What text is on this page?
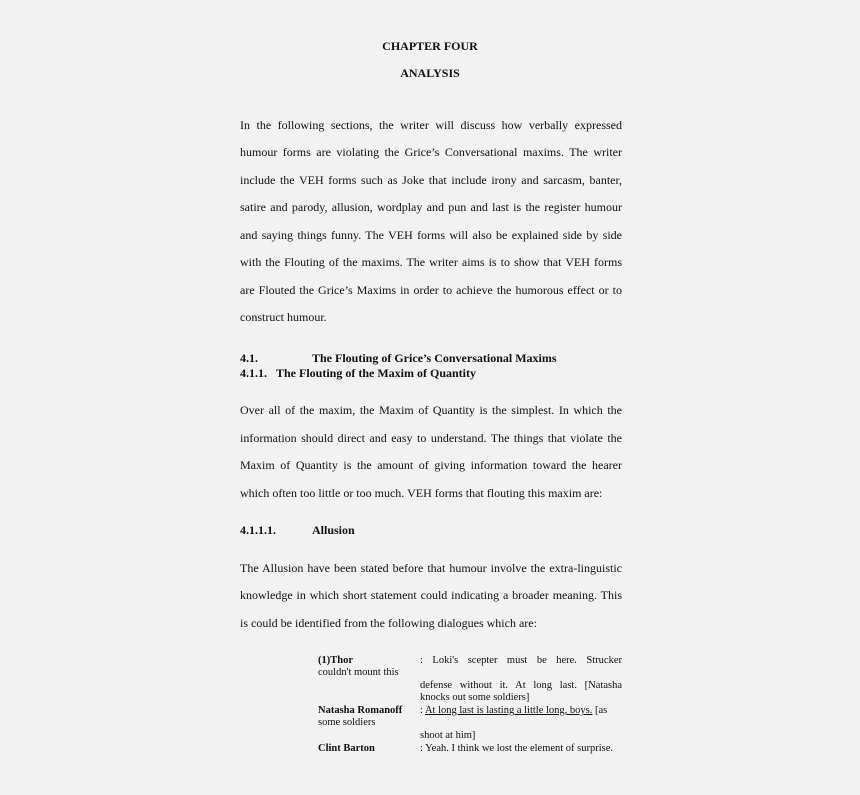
CHAPTER FOUR
ANALYSIS
In the following sections, the writer will discuss how verbally expressed
humour forms are violating the Grice’s Conversational maxims. The writer
include the VEH forms such as Joke that include irony and sarcasm, banter,
satire and parody, allusion, wordplay and pun and last is the register humour
and saying things funny. The VEH forms will also be explained side by side
with the Flouting of the maxims. The writer aims is to show that VEH forms
are Flouted the Grice’s Maxims in order to achieve the humorous effect or to
construct humour.
4.1.	The Flouting of Grice’s Conversational Maxims
4.1.1. The Flouting of the Maxim of Quantity
Over all of the maxim, the Maxim of Quantity is the simplest. In which the
information should direct and easy to understand. The things that violate the
Maxim of Quantity is the amount of giving information toward the hearer
which often too little or too much. VEH forms that flouting this maxim are:
4.1.1.1.	Allusion
The Allusion have been stated before that humour involve the extra-linguistic
knowledge in which short statement could indicating a broader meaning. This
is could be identified from the following dialogues which are:
(1)Thor	: Loki's scepter must be here. Strucker
couldn't mount this
defense without it. At long last. [Natasha
knocks out some soldiers]
Natasha Romanoff : At long last is lasting a little long, boys. [as
some soldiers
shoot at him]
Clint Barton	: Yeah. I think we lost the element of surprise.
